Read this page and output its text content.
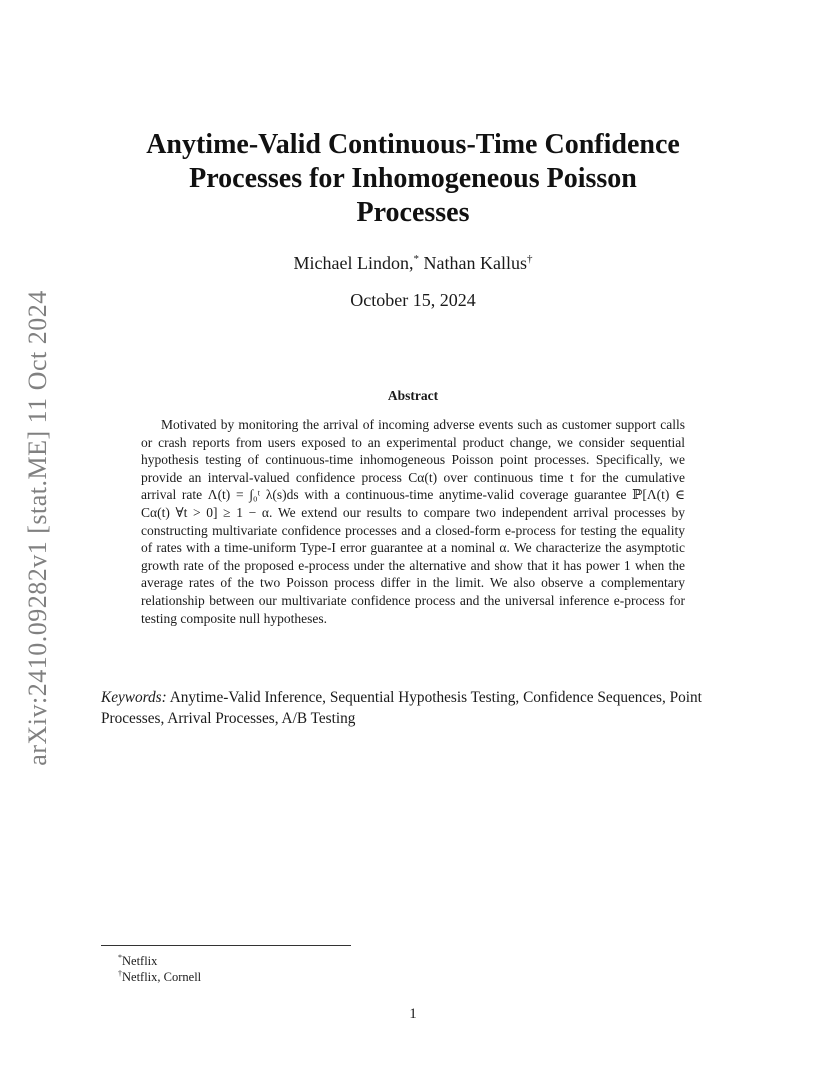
arXiv:2410.09282v1 [stat.ME] 11 Oct 2024
Anytime-Valid Continuous-Time Confidence
Processes for Inhomogeneous Poisson
Processes
Michael Lindon,* Nathan Kallus†
October 15, 2024
Abstract
Motivated by monitoring the arrival of incoming adverse events such as customer support calls or crash reports from users exposed to an experimental product change, we consider sequential hypothesis testing of continuous-time inhomogeneous Poisson point processes. Specifically, we provide an interval-valued confidence process Cα(t) over continuous time t for the cumulative arrival rate Λ(t) = ∫₀ᵗ λ(s)ds with a continuous-time anytime-valid coverage guarantee ℙ[Λ(t) ∈ Cα(t) ∀t > 0] ≥ 1 − α. We extend our results to compare two independent arrival processes by constructing multivariate confidence processes and a closed-form e-process for testing the equality of rates with a time-uniform Type-I error guarantee at a nominal α. We characterize the asymptotic growth rate of the proposed e-process under the alternative and show that it has power 1 when the average rates of the two Poisson process differ in the limit. We also observe a complementary relationship between our multivariate confidence process and the universal inference e-process for testing composite null hypotheses.
Keywords: Anytime-Valid Inference, Sequential Hypothesis Testing, Confidence Sequences, Point Processes, Arrival Processes, A/B Testing
*Netflix
†Netflix, Cornell
1
